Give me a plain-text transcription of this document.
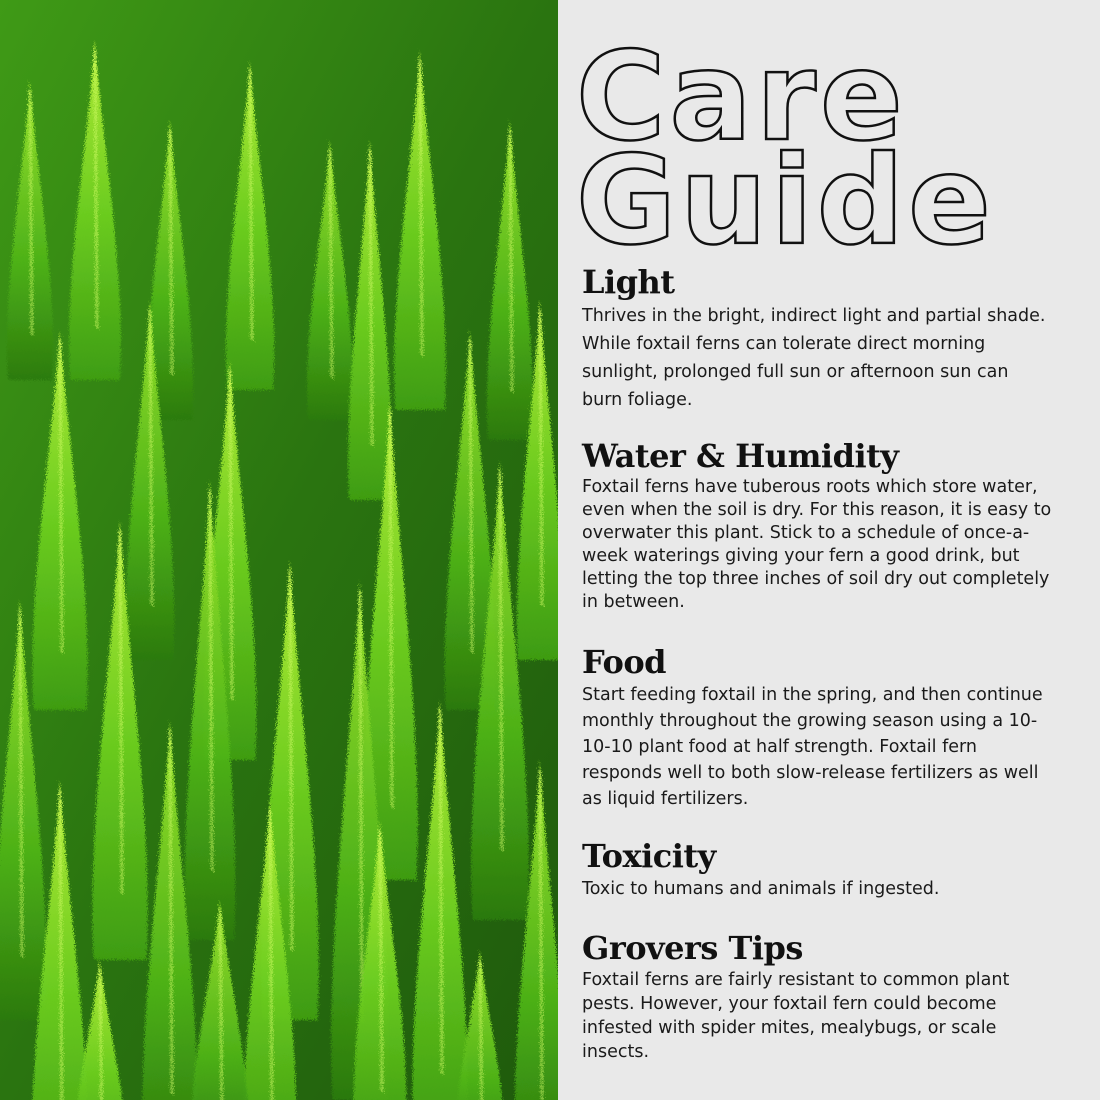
Care
Guide
Light

Thrives in the bright, indirect light and partial shade. While foxtail ferns can tolerate direct morning sunlight, prolonged full sun or afternoon sun can burn foliage.

Water & Humidity

Foxtail ferns have tuberous roots which store water, even when the soil is dry. For this reason, it is easy to overwater this plant. Stick to a schedule of once-a-week waterings giving your fern a good drink, but letting the top three inches of soil dry out completely in between.

Food

Start feeding foxtail in the spring, and then continue monthly throughout the growing season using a 10-10-10 plant food at half strength. Foxtail fern responds well to both slow-release fertilizers as well as liquid fertilizers.

Toxicity

Toxic to humans and animals if ingested.

Grovers Tips

Foxtail ferns are fairly resistant to common plant pests. However, your foxtail fern could become infested with spider mites, mealybugs, or scale insects.
